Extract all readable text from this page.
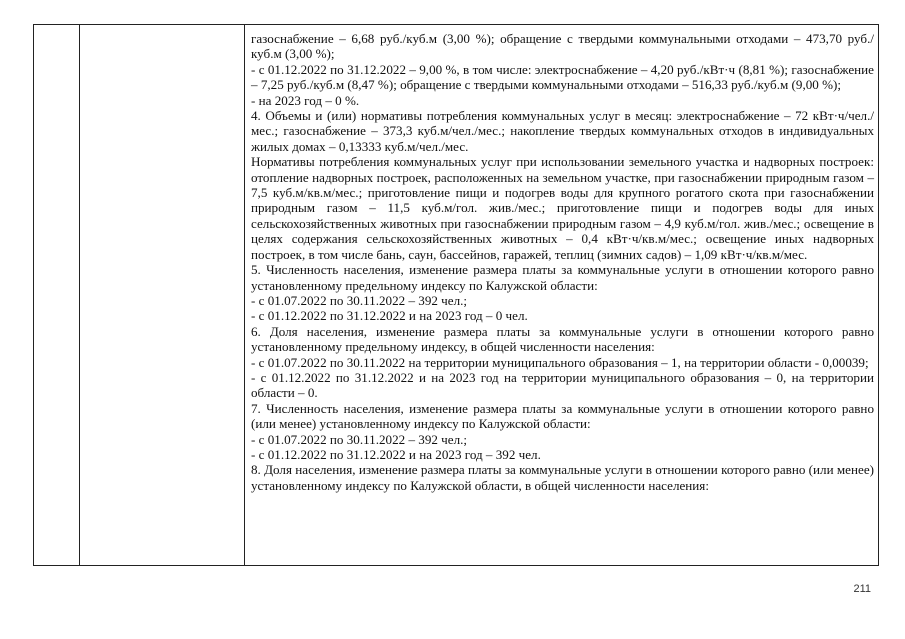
газоснабжение – 6,68 руб./куб.м (3,00 %); обращение с твердыми коммунальными отходами – 473,70 руб./куб.м (3,00 %);

- с 01.12.2022 по 31.12.2022 – 9,00 %, в том числе: электроснабжение – 4,20 руб./кВт·ч (8,81 %); газоснабжение – 7,25 руб./куб.м (8,47 %); обращение с твердыми коммунальными отходами – 516,33 руб./куб.м (9,00 %);

- на 2023 год – 0 %.

4. Объемы и (или) нормативы потребления коммунальных услуг в месяц: электроснабжение – 72 кВт·ч/чел./мес.; газоснабжение – 373,3 куб.м/чел./мес.; накопление твердых коммунальных отходов в индивидуальных жилых домах – 0,13333 куб.м/чел./мес.

Нормативы потребления коммунальных услуг при использовании земельного участка и надворных построек: отопление надворных построек, расположенных на земельном участке, при газоснабжении природным газом – 7,5 куб.м/кв.м/мес.; приготовление пищи и подогрев воды для крупного рогатого скота при газоснабжении природным газом – 11,5 куб.м/гол. жив./мес.; приготовление пищи и подогрев воды для иных сельскохозяйственных животных при газоснабжении природным газом – 4,9 куб.м/гол. жив./мес.; освещение в целях содержания сельскохозяйственных животных – 0,4 кВт·ч/кв.м/мес.; освещение иных надворных построек, в том числе бань, саун, бассейнов, гаражей, теплиц (зимних садов) – 1,09 кВт·ч/кв.м/мес.

5. Численность населения, изменение размера платы за коммунальные услуги в отношении которого равно установленному предельному индексу по Калужской области:

- с 01.07.2022 по 30.11.2022 – 392 чел.;

- с 01.12.2022 по 31.12.2022 и на 2023 год – 0 чел.

6. Доля населения, изменение размера платы за коммунальные услуги в отношении которого равно установленному предельному индексу, в общей численности населения:

- с 01.07.2022 по 30.11.2022 на территории муниципального образования – 1, на территории области - 0,00039;

- с 01.12.2022 по 31.12.2022 и на 2023 год на территории муниципального образования – 0, на территории области – 0.

7. Численность населения, изменение размера платы за коммунальные услуги в отношении которого равно (или менее) установленному индексу по Калужской области:

- с 01.07.2022 по 30.11.2022 – 392 чел.;

- с 01.12.2022 по 31.12.2022 и на 2023 год – 392 чел.

8. Доля населения, изменение размера платы за коммунальные услуги в отношении которого равно (или менее) установленному индексу по Калужской области, в общей численности населения:

211
